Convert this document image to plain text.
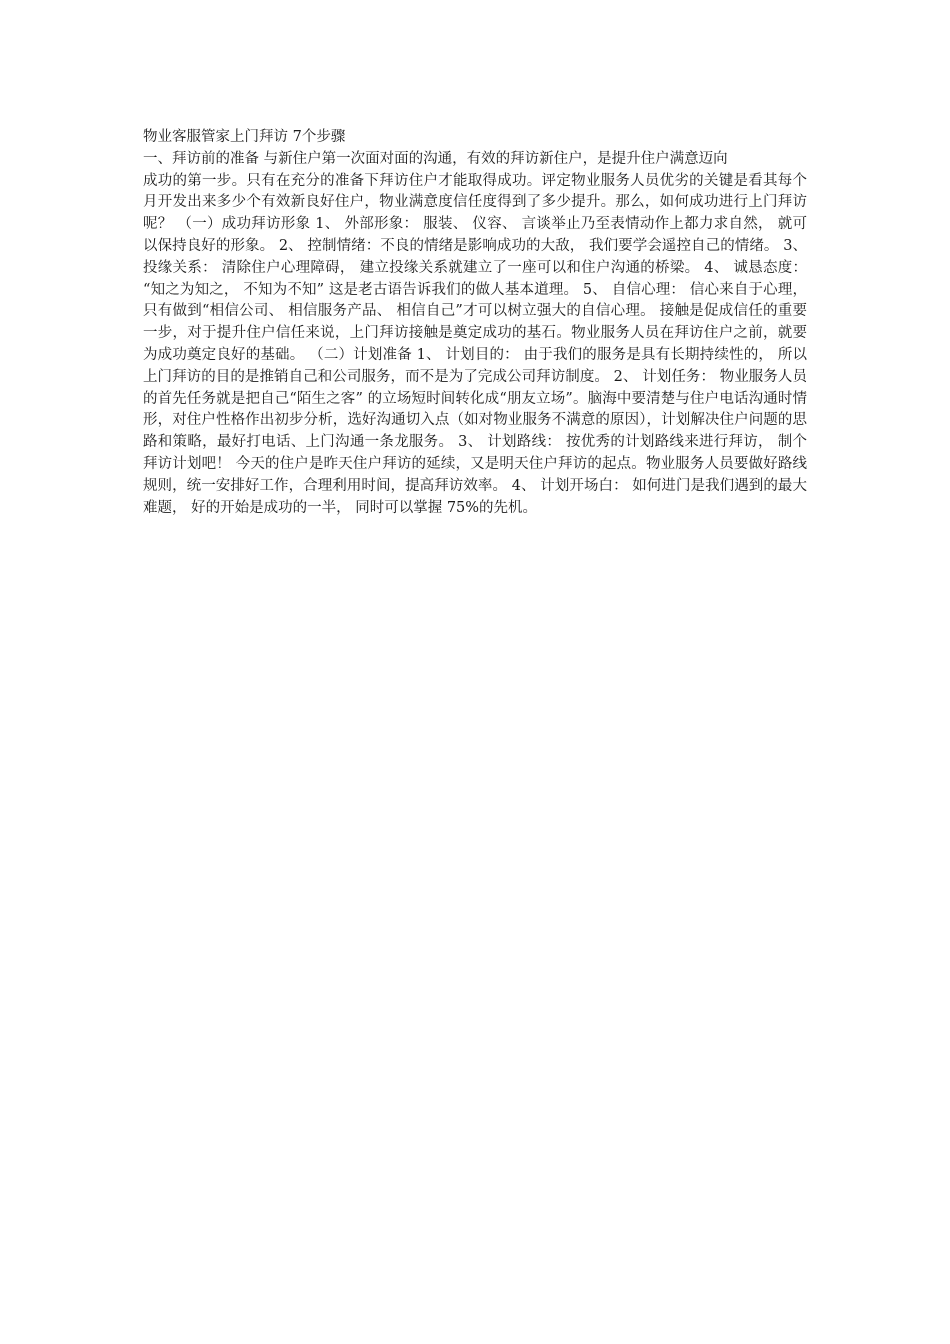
物业客服管家上门拜访 7个步骤

一、拜访前的准备 与新住户第一次面对面的沟通，有效的拜访新住户，是提升住户满意迈向

成功的第一步。只有在充分的准备下拜访住户才能取得成功。评定物业服务人员优劣的关键是看其每个月开发出来多少个有效新良好住户，物业满意度信任度得到了多少提升。那么，如何成功进行上门拜访呢？ （一）成功拜访形象 1、 外部形象： 服装、 仪容、 言谈举止乃至表情动作上都力求自然， 就可以保持良好的形象。 2、 控制情绪：不良的情绪是影响成功的大敌， 我们要学会遥控自己的情绪。 3、 投缘关系： 清除住户心理障碍， 建立投缘关系就建立了一座可以和住户沟通的桥梁。 4、 诚恳态度： “知之为知之， 不知为不知” 这是老古语告诉我们的做人基本道理。 5、 自信心理： 信心来自于心理， 只有做到“相信公司、 相信服务产品、 相信自己”才可以树立强大的自信心理。 接触是促成信任的重要一步，对于提升住户信任来说，上门拜访接触是奠定成功的基石。物业服务人员在拜访住户之前，就要为成功奠定良好的基础。 （二）计划准备 1、 计划目的： 由于我们的服务是具有长期持续性的， 所以上门拜访的目的是推销自己和公司服务，而不是为了完成公司拜访制度。 2、 计划任务： 物业服务人员的首先任务就是把自己“陌生之客” 的立场短时间转化成“朋友立场”。脑海中要清楚与住户电话沟通时情形，对住户性格作出初步分析，选好沟通切入点（如对物业服务不满意的原因），计划解决住户问题的思路和策略，最好打电话、上门沟通一条龙服务。 3、 计划路线： 按优秀的计划路线来进行拜访， 制个拜访计划吧！ 今天的住户是昨天住户拜访的延续，又是明天住户拜访的起点。物业服务人员要做好路线规则，统一安排好工作，合理利用时间，提高拜访效率。 4、 计划开场白： 如何进门是我们遇到的最大难题， 好的开始是成功的一半， 同时可以掌握 75%的先机。
